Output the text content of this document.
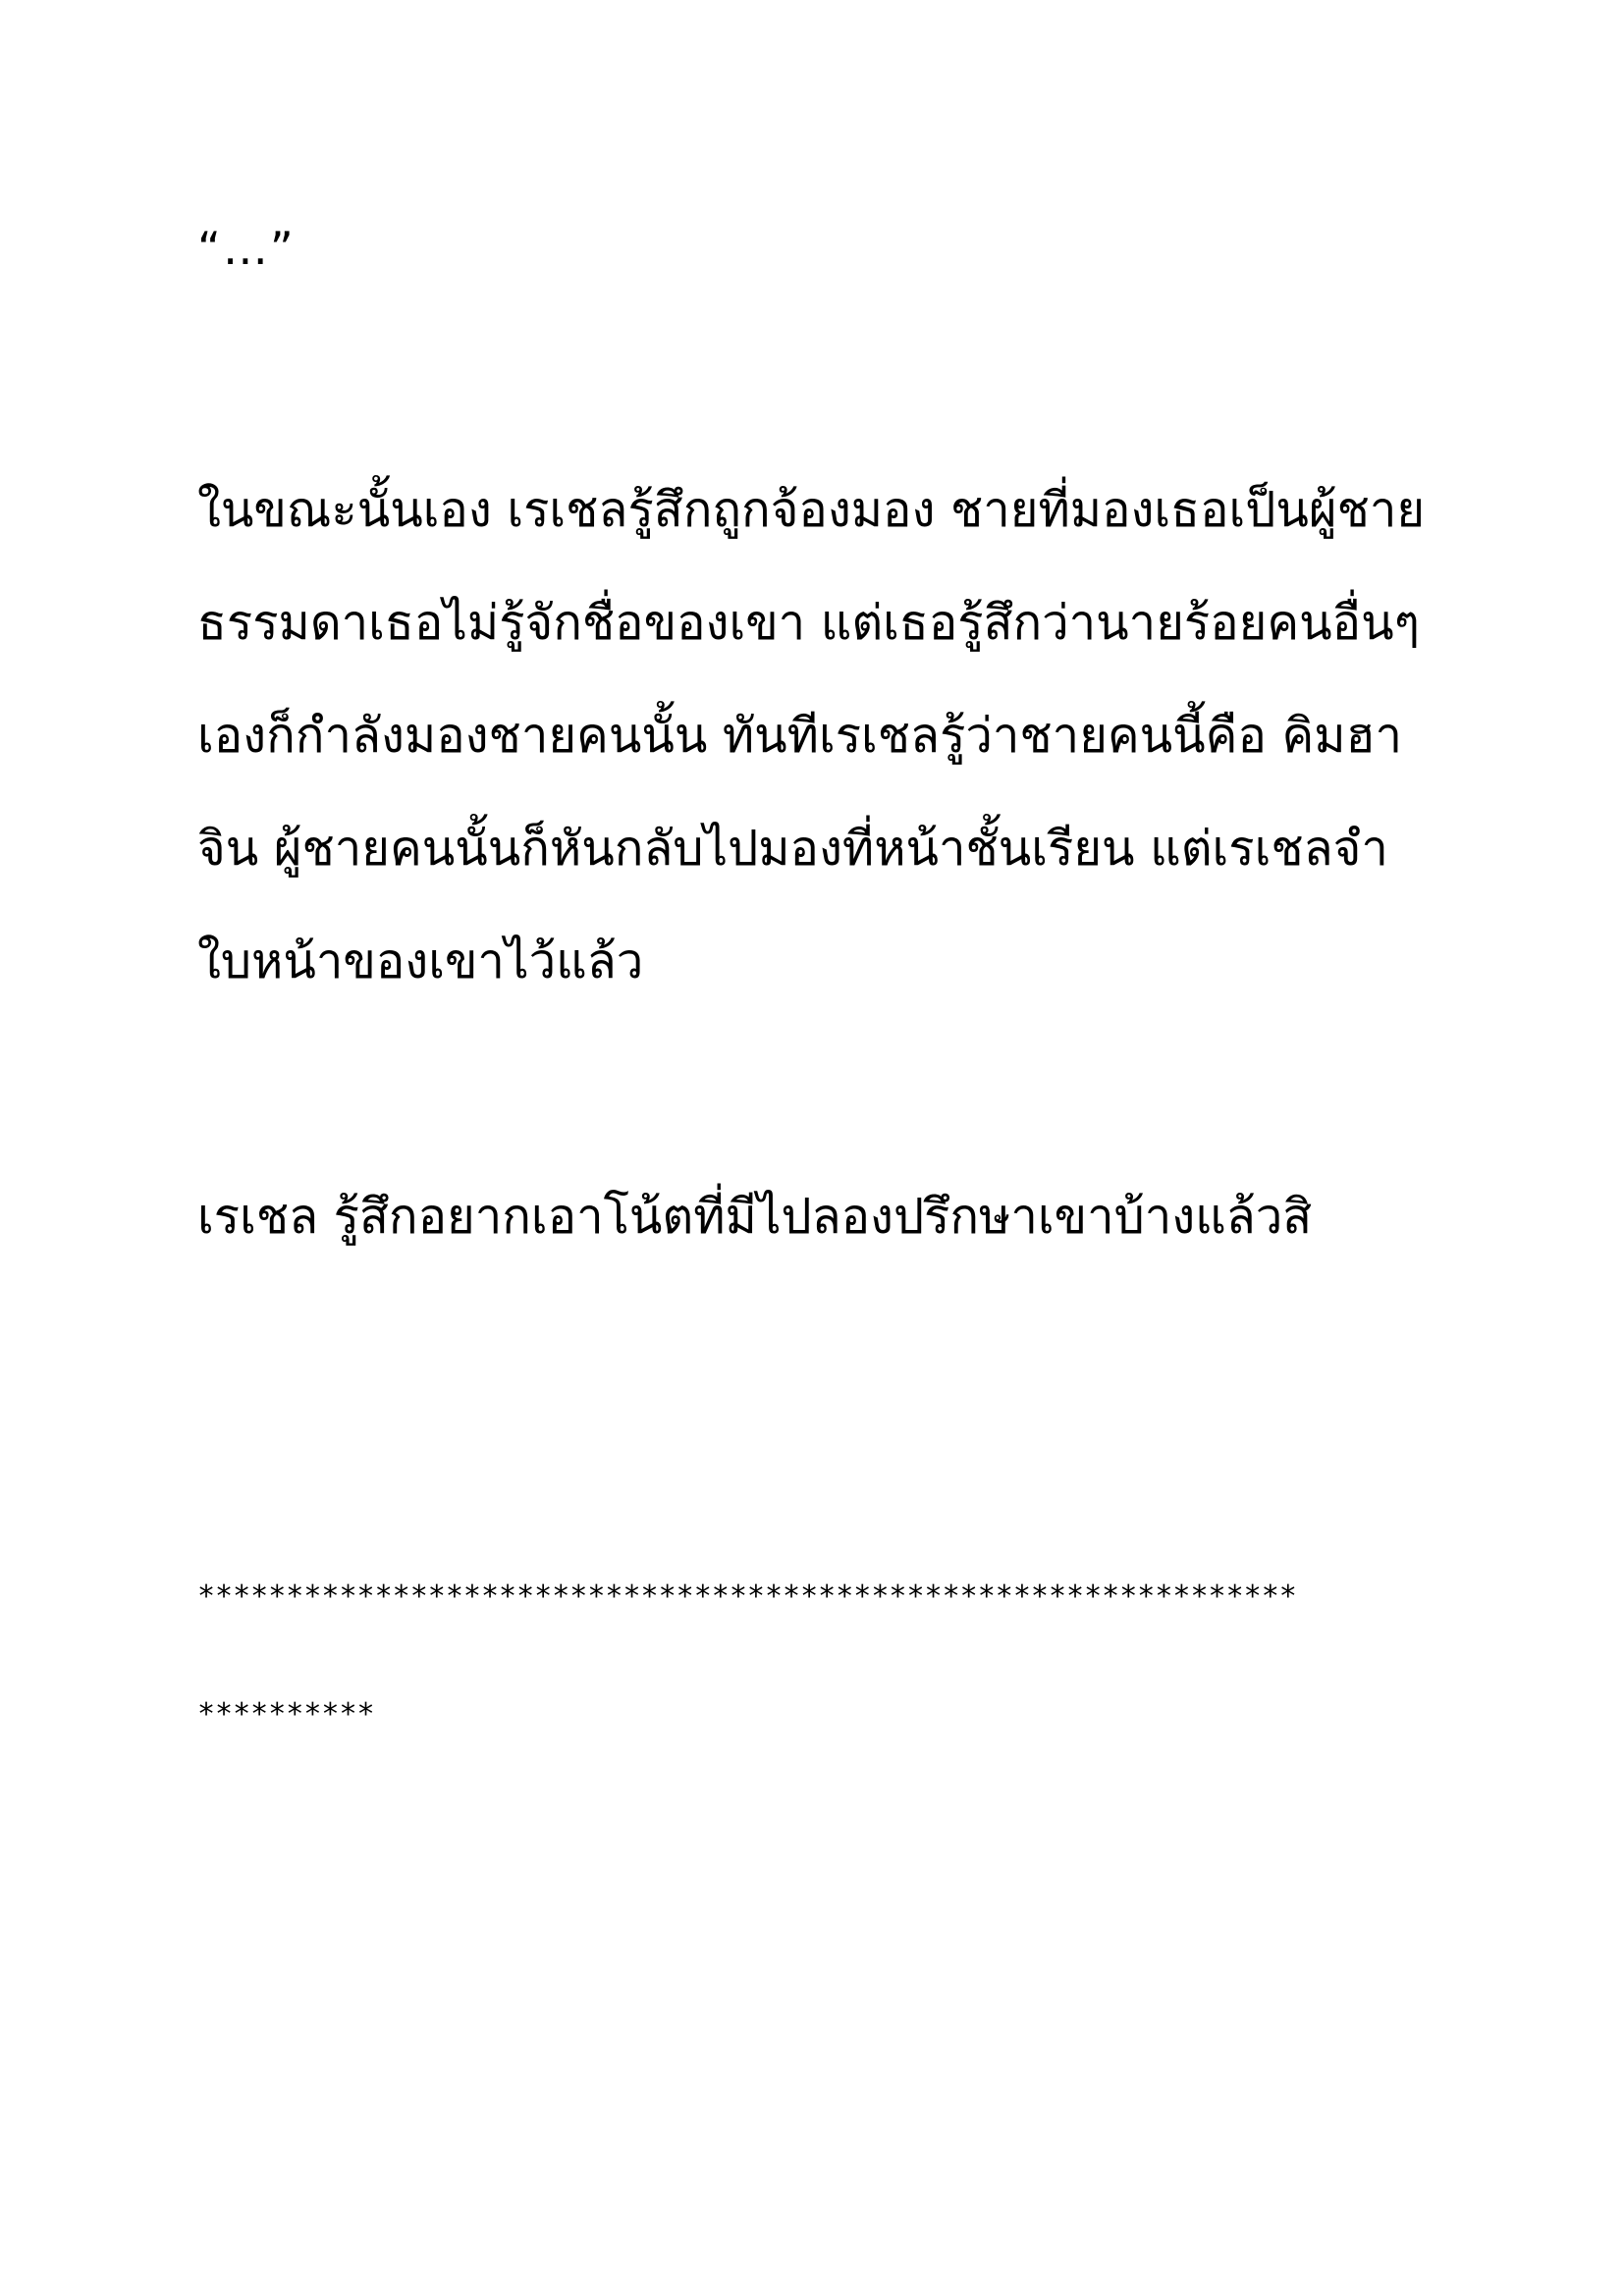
“…”

ในขณะนั้นเอง เรเชลรู้สึกถูกจ้องมอง ชายที่มองเธอเป็นผู้ชาย

ธรรมดาเธอไม่รู้จักชื่อของเขา แต่เธอรู้สึกว่านายร้อยคนอื่นๆ

เองก็กำลังมองชายคนนั้น ทันทีเรเชลรู้ว่าชายคนนี้คือ คิมฮา

จิน ผู้ชายคนนั้นก็หันกลับไปมองที่หน้าชั้นเรียน แต่เรเชลจำ

ใบหน้าของเขาไว้แล้ว

เรเชล รู้สึกอยากเอาโน้ตที่มีไปลองปรึกษาเขาบ้างแล้วสิ

**************************************************************

**********
